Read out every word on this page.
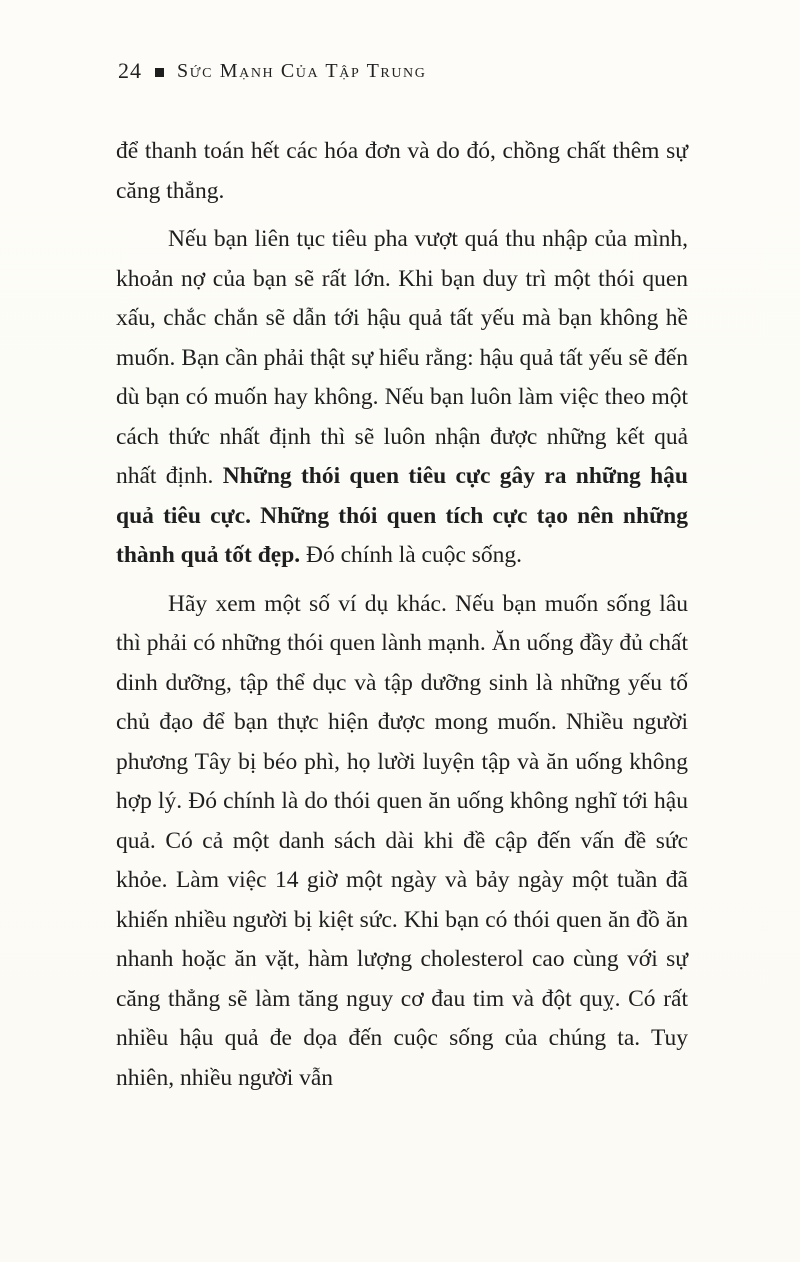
24 Sức Mạnh Của Tập Trung

để thanh toán hết các hóa đơn và do đó, chồng chất thêm sự căng thẳng.

Nếu bạn liên tục tiêu pha vượt quá thu nhập của mình, khoản nợ của bạn sẽ rất lớn. Khi bạn duy trì một thói quen xấu, chắc chắn sẽ dẫn tới hậu quả tất yếu mà bạn không hề muốn. Bạn cần phải thật sự hiểu rằng: hậu quả tất yếu sẽ đến dù bạn có muốn hay không. Nếu bạn luôn làm việc theo một cách thức nhất định thì sẽ luôn nhận được những kết quả nhất định. Những thói quen tiêu cực gây ra những hậu quả tiêu cực. Những thói quen tích cực tạo nên những thành quả tốt đẹp. Đó chính là cuộc sống.

Hãy xem một số ví dụ khác. Nếu bạn muốn sống lâu thì phải có những thói quen lành mạnh. Ăn uống đầy đủ chất dinh dưỡng, tập thể dục và tập dưỡng sinh là những yếu tố chủ đạo để bạn thực hiện được mong muốn. Nhiều người phương Tây bị béo phì, họ lười luyện tập và ăn uống không hợp lý. Đó chính là do thói quen ăn uống không nghĩ tới hậu quả. Có cả một danh sách dài khi đề cập đến vấn đề sức khỏe. Làm việc 14 giờ một ngày và bảy ngày một tuần đã khiến nhiều người bị kiệt sức. Khi bạn có thói quen ăn đồ ăn nhanh hoặc ăn vặt, hàm lượng cholesterol cao cùng với sự căng thẳng sẽ làm tăng nguy cơ đau tim và đột quỵ. Có rất nhiều hậu quả đe dọa đến cuộc sống của chúng ta. Tuy nhiên, nhiều người vẫn
